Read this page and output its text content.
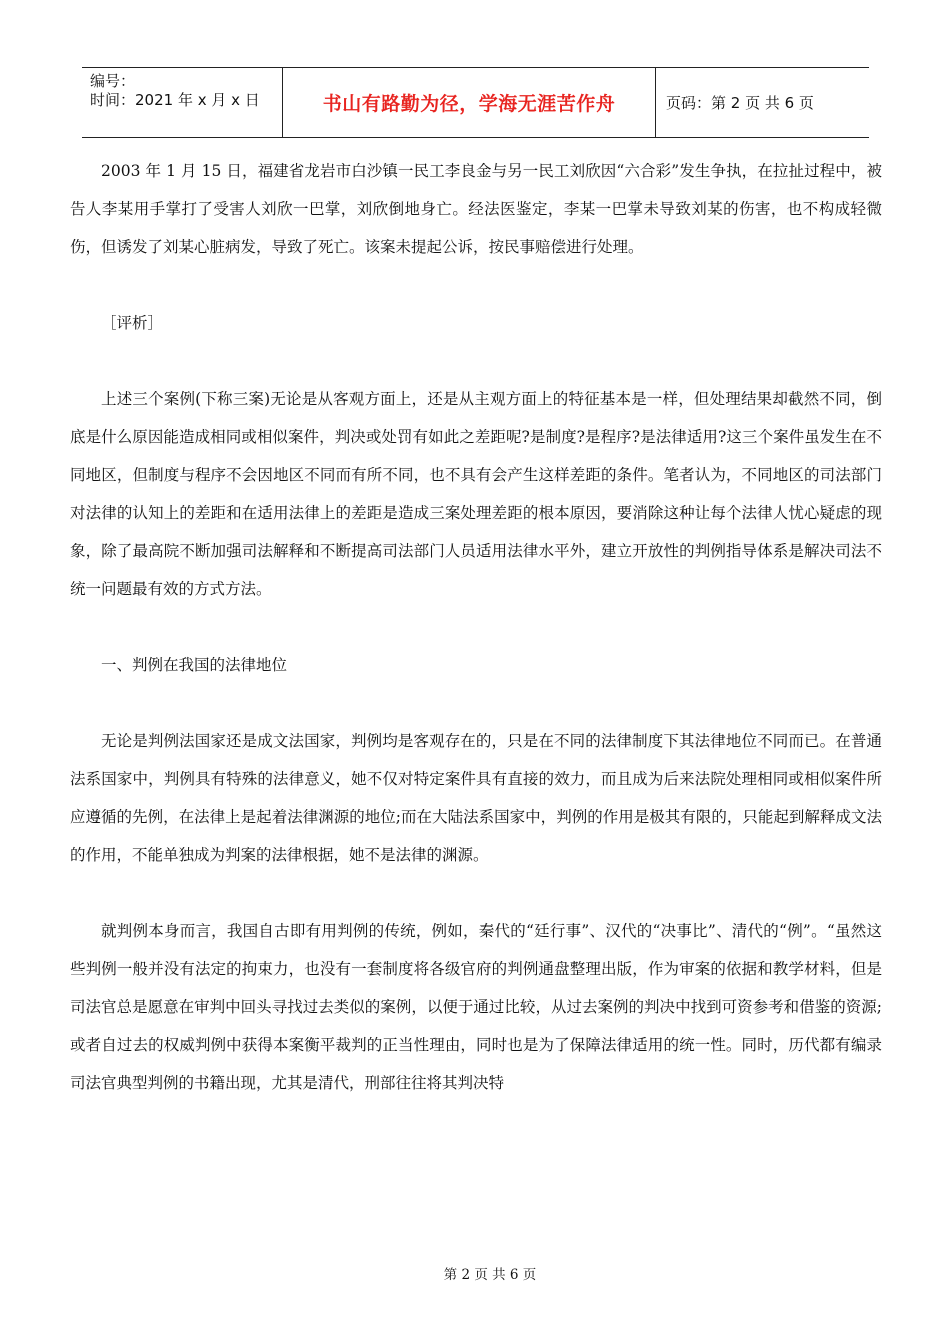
编号：
时间：2021 年 x 月 x 日	书山有路勤为径，学海无涯苦作舟	页码：第 2 页 共 6 页

2003 年 1 月 15 日，福建省龙岩市白沙镇一民工李良金与另一民工刘欣因“六合彩”发生争执，在拉扯过程中，被告人李某用手掌打了受害人刘欣一巴掌，刘欣倒地身亡。经法医鉴定，李某一巴掌未导致刘某的伤害，也不构成轻微伤，但诱发了刘某心脏病发，导致了死亡。该案未提起公诉，按民事赔偿进行处理。

［评析］

上述三个案例(下称三案)无论是从客观方面上，还是从主观方面上的特征基本是一样，但处理结果却截然不同，倒底是什么原因能造成相同或相似案件，判决或处罚有如此之差距呢?是制度?是程序?是法律适用?这三个案件虽发生在不同地区，但制度与程序不会因地区不同而有所不同，也不具有会产生这样差距的条件。笔者认为，不同地区的司法部门对法律的认知上的差距和在适用法律上的差距是造成三案处理差距的根本原因，要消除这种让每个法律人忧心疑虑的现象，除了最高院不断加强司法解释和不断提高司法部门人员适用法律水平外，建立开放性的判例指导体系是解决司法不统一问题最有效的方式方法。

一、判例在我国的法律地位

无论是判例法国家还是成文法国家，判例均是客观存在的，只是在不同的法律制度下其法律地位不同而已。在普通法系国家中，判例具有特殊的法律意义，她不仅对特定案件具有直接的效力，而且成为后来法院处理相同或相似案件所应遵循的先例，在法律上是起着法律渊源的地位;而在大陆法系国家中，判例的作用是极其有限的，只能起到解释成文法的作用，不能单独成为判案的法律根据，她不是法律的渊源。

就判例本身而言，我国自古即有用判例的传统，例如，秦代的“廷行事”、汉代的“决事比”、清代的“例”。“虽然这些判例一般并没有法定的拘束力，也没有一套制度将各级官府的判例通盘整理出版，作为审案的依据和教学材料，但是司法官总是愿意在审判中回头寻找过去类似的案例，以便于通过比较，从过去案例的判决中找到可资参考和借鉴的资源;或者自过去的权威判例中获得本案衡平裁判的正当性理由，同时也是为了保障法律适用的统一性。同时，历代都有编录司法官典型判例的书籍出现，尤其是清代，刑部往往将其判决特

第 2 页 共 6 页
